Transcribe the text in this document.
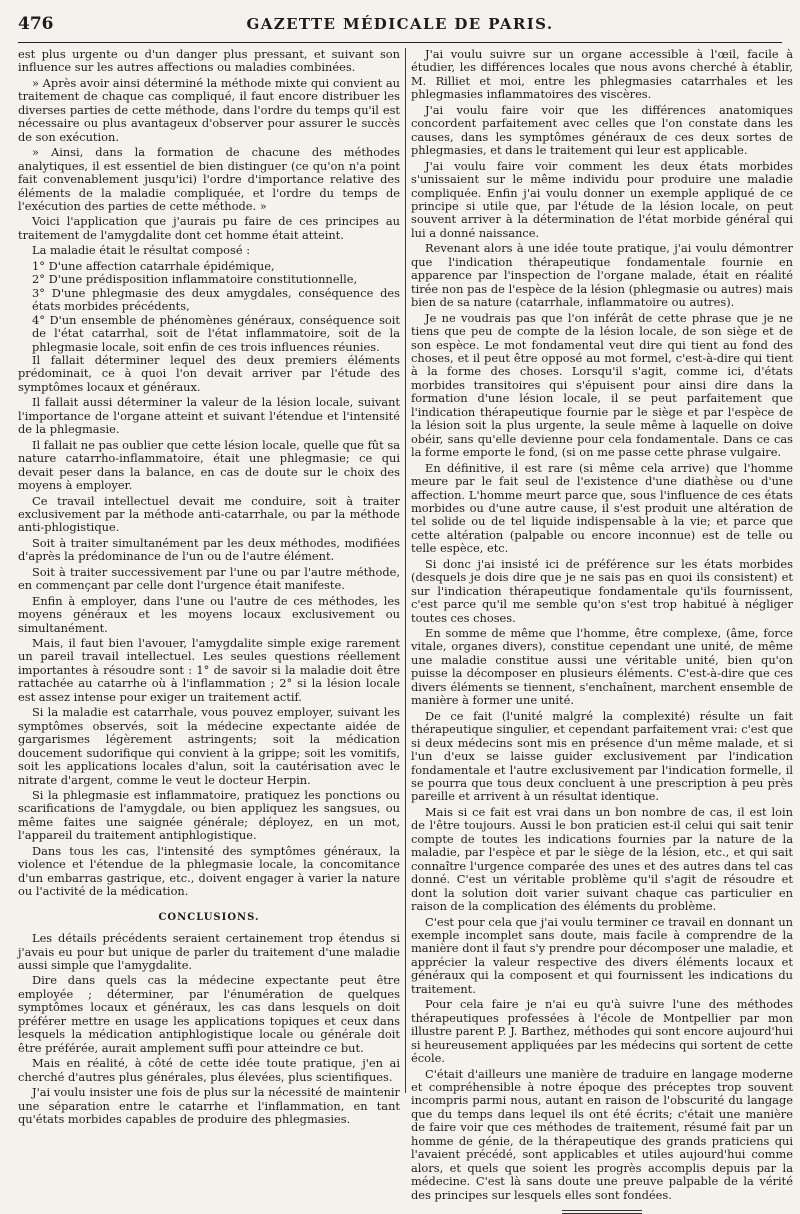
476	GAZETTE MÉDICALE DE PARIS.

est plus urgente ou d'un danger plus pressant, et suivant son influence sur les autres affections ou maladies combinées.

» Après avoir ainsi déterminé la méthode mixte qui convient au traitement de chaque cas compliqué, il faut encore distribuer les diverses parties de cette méthode, dans l'ordre du temps qu'il est nécessaire ou plus avantageux d'observer pour assurer le succès de son exécution.

» Ainsi, dans la formation de chacune des méthodes analytiques, il est essentiel de bien distinguer (ce qu'on n'a point fait convenablement jusqu'ici) l'ordre d'importance relative des éléments de la maladie compliquée, et l'ordre du temps de l'exécution des parties de cette méthode. »

Voici l'application que j'aurais pu faire de ces principes au traitement de l'amygdalite dont cet homme était atteint.

La maladie était le résultat composé :

1° D'une affection catarrhale épidémique,

2° D'une prédisposition inflammatoire constitutionnelle,

3° D'une phlegmasie des deux amygdales, conséquence des états morbides précédents,

4° D'un ensemble de phénomènes généraux, conséquence soit de l'état catarrhal, soit de l'état inflammatoire, soit de la phlegmasie locale, soit enfin de ces trois influences réunies.

Il fallait déterminer lequel des deux premiers éléments prédominait, ce à quoi l'on devait arriver par l'étude des symptômes locaux et généraux.

Il fallait aussi déterminer la valeur de la lésion locale, suivant l'importance de l'organe atteint et suivant l'étendue et l'intensité de la phlegmasie.

Il fallait ne pas oublier que cette lésion locale, quelle que fût sa nature catarrho-inflammatoire, était une phlegmasie; ce qui devait peser dans la balance, en cas de doute sur le choix des moyens à employer.

Ce travail intellectuel devait me conduire, soit à traiter exclusivement par la méthode anti-catarrhale, ou par la méthode anti-phlogistique.

Soit à traiter simultanément par les deux méthodes, modifiées d'après la prédominance de l'un ou de l'autre élément.

Soit à traiter successivement par l'une ou par l'autre méthode, en commençant par celle dont l'urgence était manifeste.

Enfin à employer, dans l'une ou l'autre de ces méthodes, les moyens généraux et les moyens locaux exclusivement ou simultanément.

Mais, il faut bien l'avouer, l'amygdalite simple exige rarement un pareil travail intellectuel. Les seules questions réellement importantes à résoudre sont : 1° de savoir si la maladie doit être rattachée au catarrhe où à l'inflammation ; 2° si la lésion locale est assez intense pour exiger un traitement actif.

Si la maladie est catarrhale, vous pouvez employer, suivant les symptômes observés, soit la médecine expectante aidée de gargarismes légèrement astringents; soit la médication doucement sudorifique qui convient à la grippe; soit les vomitifs, soit les applications locales d'alun, soit la cautérisation avec le nitrate d'argent, comme le veut le docteur Herpin.

Si la phlegmasie est inflammatoire, pratiquez les ponctions ou scarifications de l'amygdale, ou bien appliquez les sangsues, ou même faites une saignée générale; déployez, en un mot, l'appareil du traitement antiphlogistique.

Dans tous les cas, l'intensité des symptômes généraux, la violence et l'étendue de la phlegmasie locale, la concomitance d'un embarras gastrique, etc., doivent engager à varier la nature ou l'activité de la médication.

CONCLUSIONS.

Les détails précédents seraient certainement trop étendus si j'avais eu pour but unique de parler du traitement d'une maladie aussi simple que l'amygdalite.

Dire dans quels cas la médecine expectante peut être employée ; déterminer, par l'énumération de quelques symptômes locaux et généraux, les cas dans lesquels on doit préférer mettre en usage les applications topiques et ceux dans lesquels la médication antiphlogistique locale ou générale doit être préférée, aurait amplement suffi pour atteindre ce but.

Mais en réalité, à côté de cette idée toute pratique, j'en ai cherché d'autres plus générales, plus élevées, plus scientifiques.

J'ai voulu insister une fois de plus sur la nécessité de maintenir une séparation entre le catarrhe et l'inflammation, en tant qu'états morbides capables de produire des phlegmasies.

J'ai voulu suivre sur un organe accessible à l'œil, facile à étudier, les différences locales que nous avons cherché à établir, M. Rilliet et moi, entre les phlegmasies catarrhales et les phlegmasies inflammatoires des viscères.

J'ai voulu faire voir que les différences anatomiques concordent parfaitement avec celles que l'on constate dans les causes, dans les symptômes généraux de ces deux sortes de phlegmasies, et dans le traitement qui leur est applicable.

J'ai voulu faire voir comment les deux états morbides s'unissaient sur le même individu pour produire une maladie compliquée. Enfin j'ai voulu donner un exemple appliqué de ce principe si utile que, par l'étude de la lésion locale, on peut souvent arriver à la détermination de l'état morbide général qui lui a donné naissance.

Revenant alors à une idée toute pratique, j'ai voulu démontrer que l'indication thérapeutique fondamentale fournie en apparence par l'inspection de l'organe malade, était en réalité tirée non pas de l'espèce de la lésion (phlegmasie ou autres) mais bien de sa nature (catarrhale, inflammatoire ou autres).

Je ne voudrais pas que l'on inférât de cette phrase que je ne tiens que peu de compte de la lésion locale, de son siège et de son espèce. Le mot fondamental veut dire qui tient au fond des choses, et il peut être opposé au mot formel, c'est-à-dire qui tient à la forme des choses. Lorsqu'il s'agit, comme ici, d'états morbides transitoires qui s'épuisent pour ainsi dire dans la formation d'une lésion locale, il se peut parfaitement que l'indication thérapeutique fournie par le siège et par l'espèce de la lésion soit la plus urgente, la seule même à laquelle on doive obéir, sans qu'elle devienne pour cela fondamentale. Dans ce cas la forme emporte le fond, (si on me passe cette phrase vulgaire.

En définitive, il est rare (si même cela arrive) que l'homme meure par le fait seul de l'existence d'une diathèse ou d'une affection. L'homme meurt parce que, sous l'influence de ces états morbides ou d'une autre cause, il s'est produit une altération de tel solide ou de tel liquide indispensable à la vie; et parce que cette altération (palpable ou encore inconnue) est de telle ou telle espèce, etc.

Si donc j'ai insisté ici de préférence sur les états morbides (desquels je dois dire que je ne sais pas en quoi ils consistent) et sur l'indication thérapeutique fondamentale qu'ils fournissent, c'est parce qu'il me semble qu'on s'est trop habitué à négliger toutes ces choses.

En somme de même que l'homme, être complexe, (âme, force vitale, organes divers), constitue cependant une unité, de même une maladie constitue aussi une véritable unité, bien qu'on puisse la décomposer en plusieurs éléments. C'est-à-dire que ces divers éléments se tiennent, s'enchaînent, marchent ensemble de manière à former une unité.

De ce fait (l'unité malgré la complexité) résulte un fait thérapeutique singulier, et cependant parfaitement vrai: c'est que si deux médecins sont mis en présence d'un même malade, et si l'un d'eux se laisse guider exclusivement par l'indication fondamentale et l'autre exclusivement par l'indication formelle, il se pourra que tous deux concluent à une prescription à peu près pareille et arrivent à un résultat identique.

Mais si ce fait est vrai dans un bon nombre de cas, il est loin de l'être toujours. Aussi le bon praticien est-il celui qui sait tenir compte de toutes les indications fournies par la nature de la maladie, par l'espèce et par le siège de la lésion, etc., et qui sait connaître l'urgence comparée des unes et des autres dans tel cas donné. C'est un véritable problème qu'il s'agit de résoudre et dont la solution doit varier suivant chaque cas particulier en raison de la complication des éléments du problème.

C'est pour cela que j'ai voulu terminer ce travail en donnant un exemple incomplet sans doute, mais facile à comprendre de la manière dont il faut s'y prendre pour décomposer une maladie, et apprécier la valeur respective des divers éléments locaux et généraux qui la composent et qui fournissent les indications du traitement.

Pour cela faire je n'ai eu qu'à suivre l'une des méthodes thérapeutiques professées à l'école de Montpellier par mon illustre parent P. J. Barthez, méthodes qui sont encore aujourd'hui si heureusement appliquées par les médecins qui sortent de cette école.

C'était d'ailleurs une manière de traduire en langage moderne et compréhensible à notre époque des préceptes trop souvent incompris parmi nous, autant en raison de l'obscurité du langage que du temps dans lequel ils ont été écrits; c'était une manière de faire voir que ces méthodes de traitement, résumé fait par un homme de génie, de la thérapeutique des grands praticiens qui l'avaient précédé, sont applicables et utiles aujourd'hui comme alors, et quels que soient les progrès accomplis depuis par la médecine. C'est là sans doute une preuve palpable de la vérité des principes sur lesquels elles sont fondées.
